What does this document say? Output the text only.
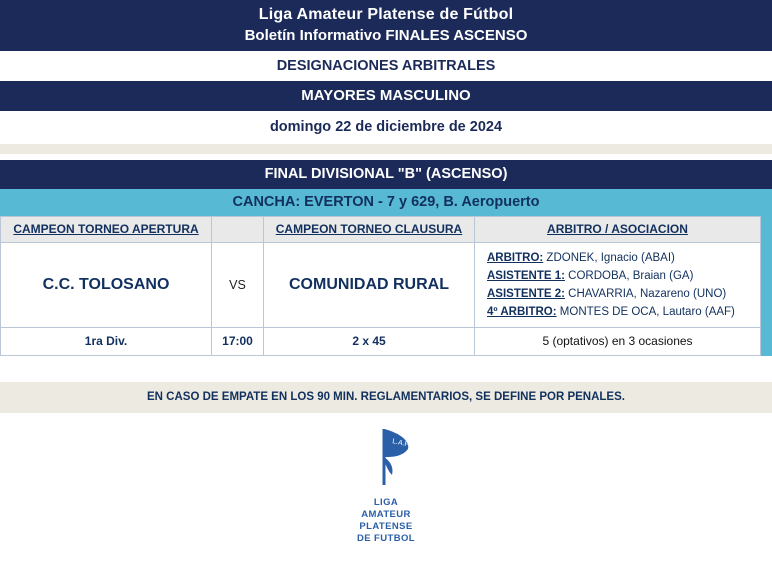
Liga Amateur Platense de Fútbol
Boletín Informativo FINALES ASCENSO
DESIGNACIONES ARBITRALES
MAYORES MASCULINO
domingo 22 de diciembre de 2024
FINAL DIVISIONAL "B" (ASCENSO)
CANCHA: EVERTON - 7 y 629, B. Aeropuerto
CAMPEON TORNEO APERTURA		CAMPEON TORNEO CLAUSURA	ARBITRO / ASOCIACION	
C.C. TOLOSANO	VS	COMUNIDAD RURAL	ARBITRO: ZDONEK, Ignacio (ABAI)
ASISTENTE 1: CORDOBA, Braian (GA)
ASISTENTE 2: CHAVARRIA, Nazareno (UNO)
4º ARBITRO: MONTES DE OCA, Lautaro (AAF)	

1ra Div.	17:00	2 x 45	5 (optativos) en 3 ocasiones	
EN CASO DE EMPATE EN LOS 90 MIN. REGLAMENTARIOS, SE DEFINE POR PENALES.
L.A.P.
LIGA
AMATEUR
PLATENSE
DE FUTBOL
